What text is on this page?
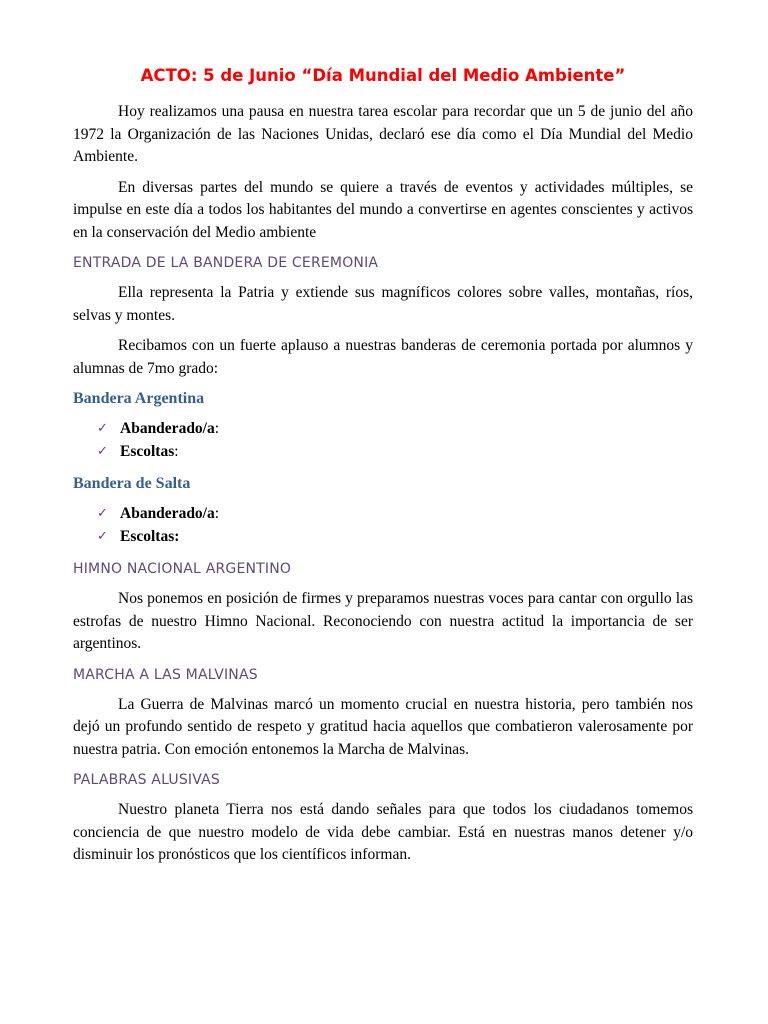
ACTO: 5 de Junio “Día Mundial del Medio Ambiente”

Hoy realizamos una pausa en nuestra tarea escolar para recordar que un 5 de junio del año 1972 la Organización de las Naciones Unidas, declaró ese día como el Día Mundial del Medio Ambiente.

En diversas partes del mundo se quiere a través de eventos y actividades múltiples, se impulse en este día a todos los habitantes del mundo a convertirse en agentes conscientes y activos en la conservación del Medio ambiente

ENTRADA DE LA BANDERA DE CEREMONIA

Ella representa la Patria y extiende sus magníficos colores sobre valles, montañas, ríos, selvas y montes.

Recibamos con un fuerte aplauso a nuestras banderas de ceremonia portada por alumnos y alumnas de 7mo grado:

Bandera Argentina
✓ Abanderado/a:
✓ Escoltas:
Bandera de Salta
✓ Abanderado/a:
✓ Escoltas:
HIMNO NACIONAL ARGENTINO

Nos ponemos en posición de firmes y preparamos nuestras voces para cantar con orgullo las estrofas de nuestro Himno Nacional. Reconociendo con nuestra actitud la importancia de ser argentinos.

MARCHA A LAS MALVINAS

La Guerra de Malvinas marcó un momento crucial en nuestra historia, pero también nos dejó un profundo sentido de respeto y gratitud hacia aquellos que combatieron valerosamente por nuestra patria. Con emoción entonemos la Marcha de Malvinas.

PALABRAS ALUSIVAS

Nuestro planeta Tierra nos está dando señales para que todos los ciudadanos tomemos conciencia de que nuestro modelo de vida debe cambiar. Está en nuestras manos detener y/o disminuir los pronósticos que los científicos informan.
